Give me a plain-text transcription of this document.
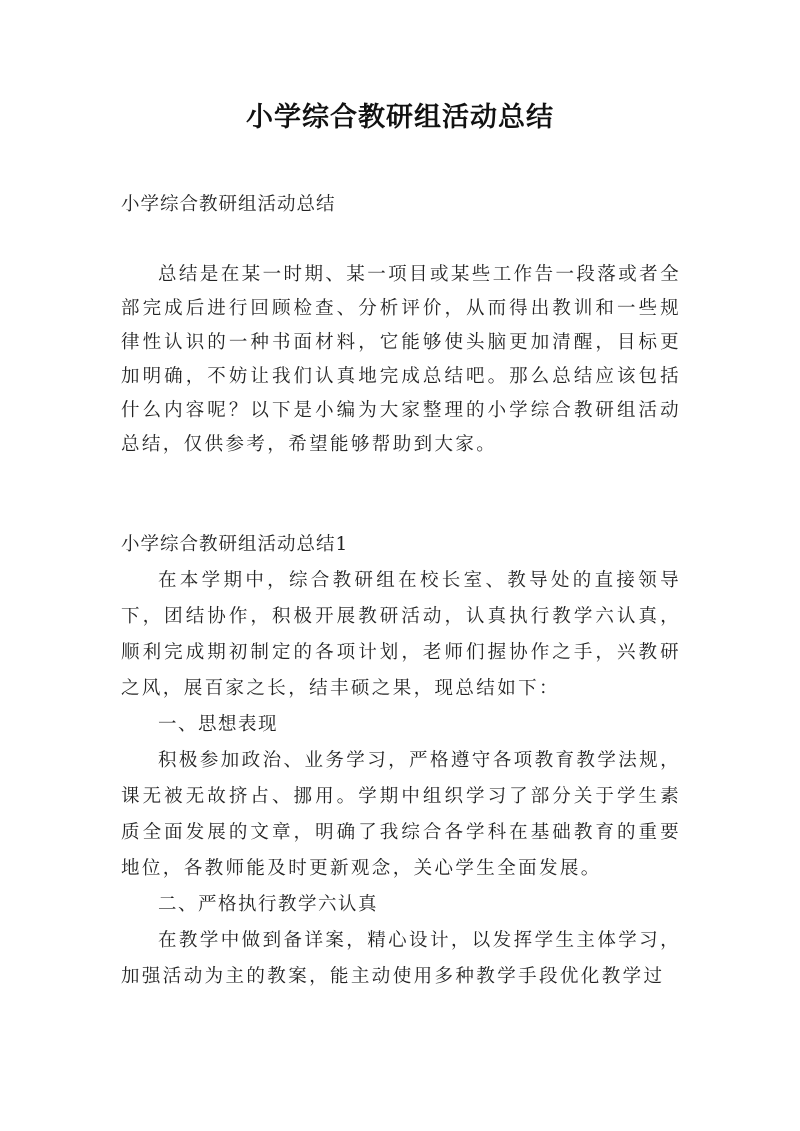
小学综合教研组活动总结
小学综合教研组活动总结

总结是在某一时期、某一项目或某些工作告一段落或者全部完成后进行回顾检查、分析评价，从而得出教训和一些规律性认识的一种书面材料，它能够使头脑更加清醒，目标更加明确，不妨让我们认真地完成总结吧。那么总结应该包括什么内容呢？以下是小编为大家整理的小学综合教研组活动总结，仅供参考，希望能够帮助到大家。

小学综合教研组活动总结1

在本学期中，综合教研组在校长室、教导处的直接领导下，团结协作，积极开展教研活动，认真执行教学六认真，顺利完成期初制定的各项计划，老师们握协作之手，兴教研之风，展百家之长，结丰硕之果，现总结如下：

一、思想表现

积极参加政治、业务学习，严格遵守各项教育教学法规，课无被无故挤占、挪用。学期中组织学习了部分关于学生素质全面发展的文章，明确了我综合各学科在基础教育的重要地位，各教师能及时更新观念，关心学生全面发展。

二、严格执行教学六认真

在教学中做到备详案，精心设计，以发挥学生主体学习，加强活动为主的教案，能主动使用多种教学手段优化教学过
